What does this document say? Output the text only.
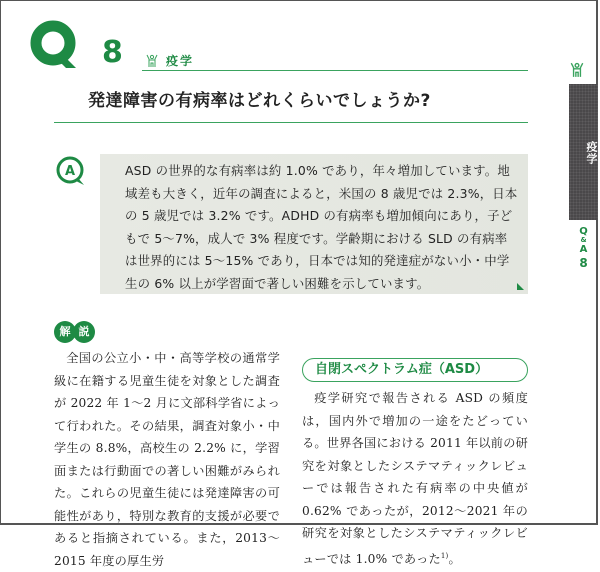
8	疫学
発達障害の有病率はどれくらいでしょうか?
疫学
Q
&
A
8
A	ASD の世界的な有病率は約 1.0% であり，年々増加しています。地域差も大きく，近年の調査によると，米国の 8 歳児では 2.3%，日本の 5 歳児では 3.2% です。ADHD の有病率も増加傾向にあり，子どもで 5〜7%，成人で 3% 程度です。学齢期における SLD の有病率は世界的には 5〜15% であり，日本では知的発達症がない小・中学生の 6% 以上が学習面で著しい困難を示しています。
解 説

全国の公立小・中・高等学校の通常学級に在籍する児童生徒を対象とした調査が 2022 年 1〜2 月に文部科学省によって行われた。その結果，調査対象小・中学生の 8.8%，高校生の 2.2% に，学習面または行動面での著しい困難がみられた。これらの児童生徒には発達障害の可能性があり，特別な教育的支援が必要であると指摘されている。また，2013〜2015 年度の厚生労

自閉スペクトラム症（ASD）

疫学研究で報告される ASD の頻度は，国内外で増加の一途をたどっている。世界各国における 2011 年以前の研究を対象としたシステマティックレビューでは報告された有病率の中央値が 0.62% であったが，2012〜2021 年の研究を対象としたシステマティックレビューでは 1.0% であった$^{1)}$。
